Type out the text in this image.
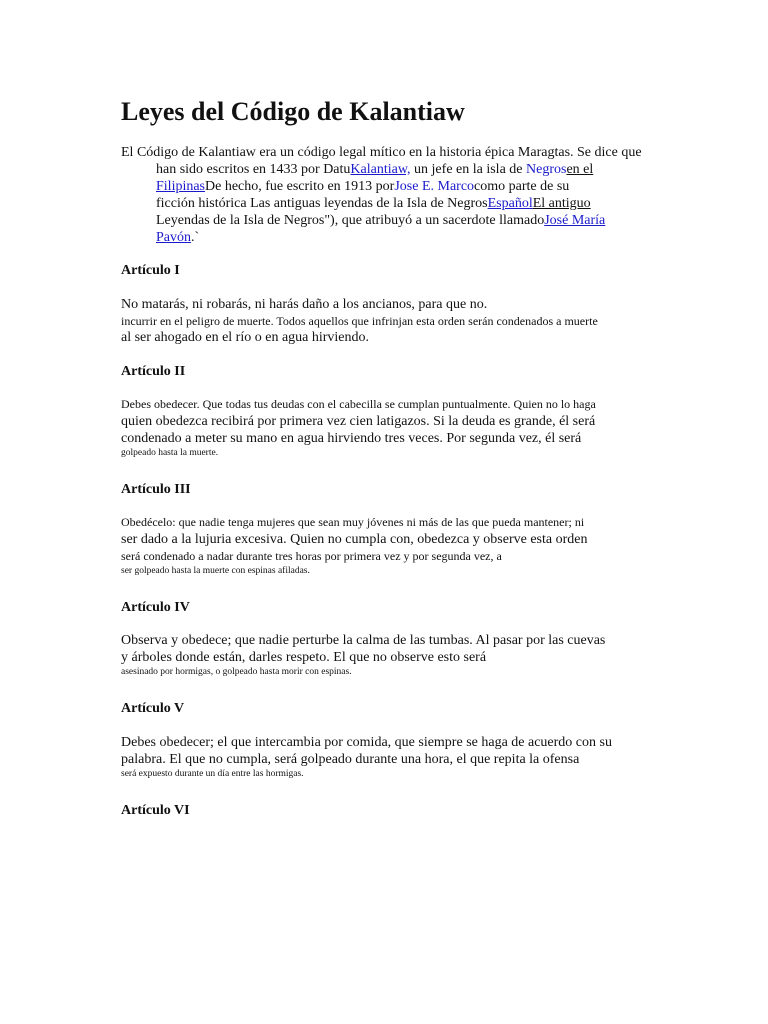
Leyes del Código de Kalantiaw
El Código de Kalantiaw era un código legal mítico en la historia épica Maragtas. Se dice que
han sido escritos en 1433 por DatuKalantiaw, un jefe en la isla de Negrosen el
FilipinasDe hecho, fue escrito en 1913 porJose E. Marcocomo parte de su
ficción histórica Las antiguas leyendas de la Isla de NegrosEspañolEl antiguo
Leyendas de la Isla de Negros"), que atribuyó a un sacerdote llamadoJosé María
Pavón.`
Artículo I
No matarás, ni robarás, ni harás daño a los ancianos, para que no.
incurrir en el peligro de muerte. Todos aquellos que infrinjan esta orden serán condenados a muerte
al ser ahogado en el río o en agua hirviendo.
Artículo II
Debes obedecer. Que todas tus deudas con el cabecilla se cumplan puntualmente. Quien no lo haga
quien obedezca recibirá por primera vez cien latigazos. Si la deuda es grande, él será
condenado a meter su mano en agua hirviendo tres veces. Por segunda vez, él será
golpeado hasta la muerte.
Artículo III
Obedécelo: que nadie tenga mujeres que sean muy jóvenes ni más de las que pueda mantener; ni
ser dado a la lujuria excesiva. Quien no cumpla con, obedezca y observe esta orden
será condenado a nadar durante tres horas por primera vez y por segunda vez, a
ser golpeado hasta la muerte con espinas afiladas.
Artículo IV
Observa y obedece; que nadie perturbe la calma de las tumbas. Al pasar por las cuevas
y árboles donde están, darles respeto. El que no observe esto será
asesinado por hormigas, o golpeado hasta morir con espinas.
Artículo V
Debes obedecer; el que intercambia por comida, que siempre se haga de acuerdo con su
palabra. El que no cumpla, será golpeado durante una hora, el que repita la ofensa
será expuesto durante un día entre las hormigas.
Artículo VI
